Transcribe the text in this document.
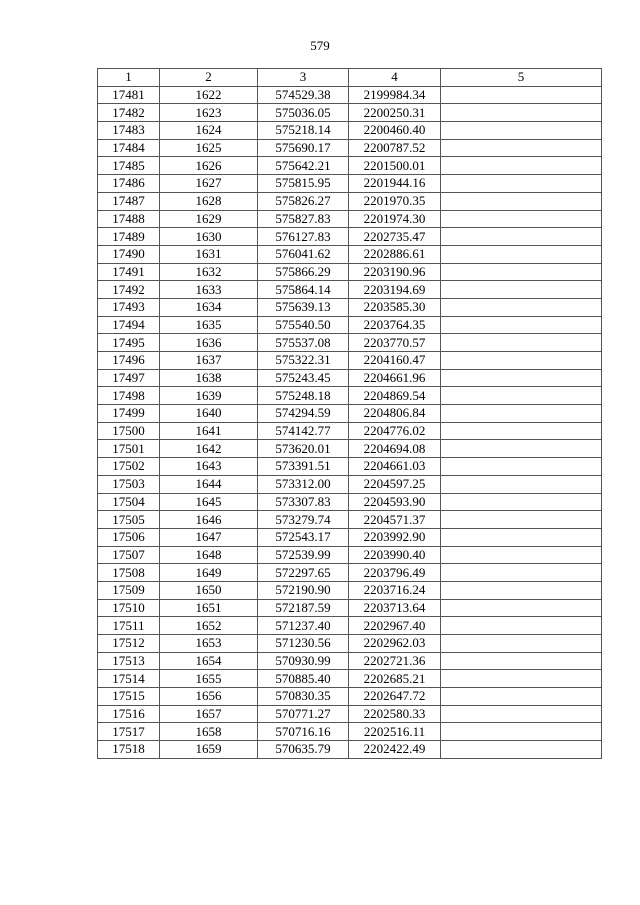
579
1	2	3	4	5
17481	1622	574529.38	2199984.34	
17482	1623	575036.05	2200250.31	
17483	1624	575218.14	2200460.40	
17484	1625	575690.17	2200787.52	
17485	1626	575642.21	2201500.01	
17486	1627	575815.95	2201944.16	
17487	1628	575826.27	2201970.35	
17488	1629	575827.83	2201974.30	
17489	1630	576127.83	2202735.47	
17490	1631	576041.62	2202886.61	
17491	1632	575866.29	2203190.96	
17492	1633	575864.14	2203194.69	
17493	1634	575639.13	2203585.30	
17494	1635	575540.50	2203764.35	
17495	1636	575537.08	2203770.57	
17496	1637	575322.31	2204160.47	
17497	1638	575243.45	2204661.96	
17498	1639	575248.18	2204869.54	
17499	1640	574294.59	2204806.84	
17500	1641	574142.77	2204776.02	
17501	1642	573620.01	2204694.08	
17502	1643	573391.51	2204661.03	
17503	1644	573312.00	2204597.25	
17504	1645	573307.83	2204593.90	
17505	1646	573279.74	2204571.37	
17506	1647	572543.17	2203992.90	
17507	1648	572539.99	2203990.40	
17508	1649	572297.65	2203796.49	
17509	1650	572190.90	2203716.24	
17510	1651	572187.59	2203713.64	
17511	1652	571237.40	2202967.40	
17512	1653	571230.56	2202962.03	
17513	1654	570930.99	2202721.36	
17514	1655	570885.40	2202685.21	
17515	1656	570830.35	2202647.72	
17516	1657	570771.27	2202580.33	
17517	1658	570716.16	2202516.11	
17518	1659	570635.79	2202422.49	
